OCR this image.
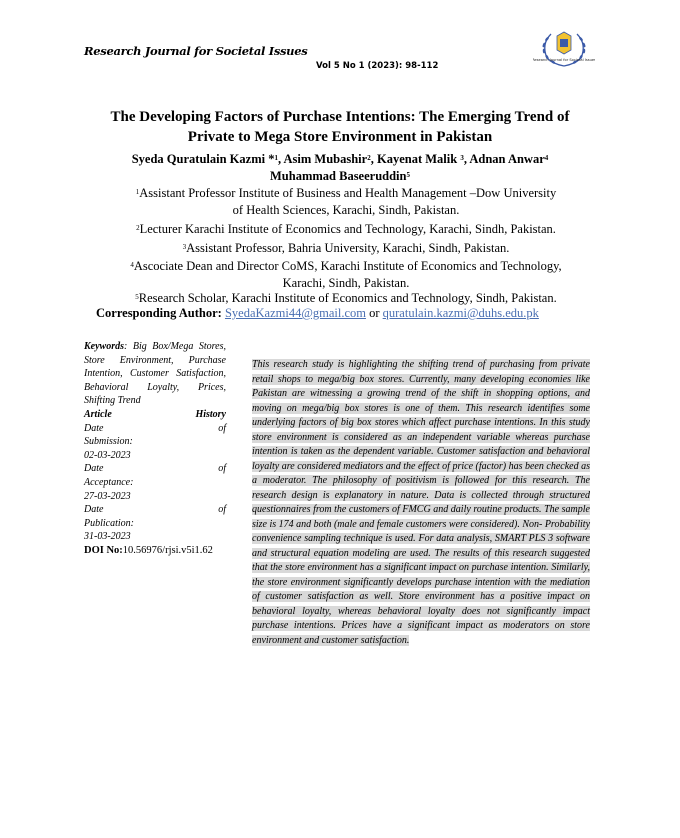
Research Journal for Societal Issues
Vol 5 No 1 (2023): 98-112
Research Journal for Societal Issues
The Developing Factors of Purchase Intentions: The Emerging Trend of
Private to Mega Store Environment in Pakistan
Syeda Quratulain Kazmi *$^1$, Asim Mubashir$^2$, Kayenat Malik $^3$, Adnan Anwar$^4$
Muhammad Baseeruddin$^5$
$^1$Assistant Professor Institute of Business and Health Management –Dow University
of Health Sciences, Karachi, Sindh, Pakistan.
$^2$Lecturer Karachi Institute of Economics and Technology, Karachi, Sindh, Pakistan.
$^3$Assistant Professor, Bahria University, Karachi, Sindh, Pakistan.
$^4$Ascociate Dean and Director CoMS, Karachi Institute of Economics and Technology,
Karachi, Sindh, Pakistan.
$^5$Research Scholar, Karachi Institute of Economics and Technology, Sindh, Pakistan.
Corresponding Author: SyedaKazmi44@gmail.com or quratulain.kazmi@duhs.edu.pk

Keywords: Big Box/Mega Stores, Store Environment, Purchase Intention, Customer Satisfaction, Behavioral Loyalty, Prices, Shifting Trend

Article	History

Date of Submission:

02-03-2023

Date of Acceptance:

27-03-2023

Date of Publication:

31-03-2023

DOI No:10.56976/rjsi.v5i1.62

This research study is highlighting the shifting trend of purchasing from private retail shops to mega/big box stores. Currently, many developing economies like Pakistan are witnessing a growing trend of the shift in shopping options, and moving on mega/big box stores is one of them. This research identifies some underlying factors of big box stores which affect purchase intentions. In this study store environment is considered as an independent variable whereas purchase intention is taken as the dependent variable. Customer satisfaction and behavioral loyalty are considered mediators and the effect of price (factor) has been checked as a moderator. The philosophy of positivism is followed for this research. The research design is explanatory in nature. Data is collected through structured questionnaires from the customers of FMCG and daily routine products. The sample size is 174 and both (male and female customers were considered). Non- Probability convenience sampling technique is used. For data analysis, SMART PLS 3 software and structural equation modeling are used. The results of this research suggested that the store environment has a significant impact on purchase intention. Similarly, the store environment significantly develops purchase intention with the mediation of customer satisfaction as well. Store environment has a positive impact on behavioral loyalty, whereas behavioral loyalty does not significantly impact purchase intentions. Prices have a significant impact as moderators on store environment and customer satisfaction.
